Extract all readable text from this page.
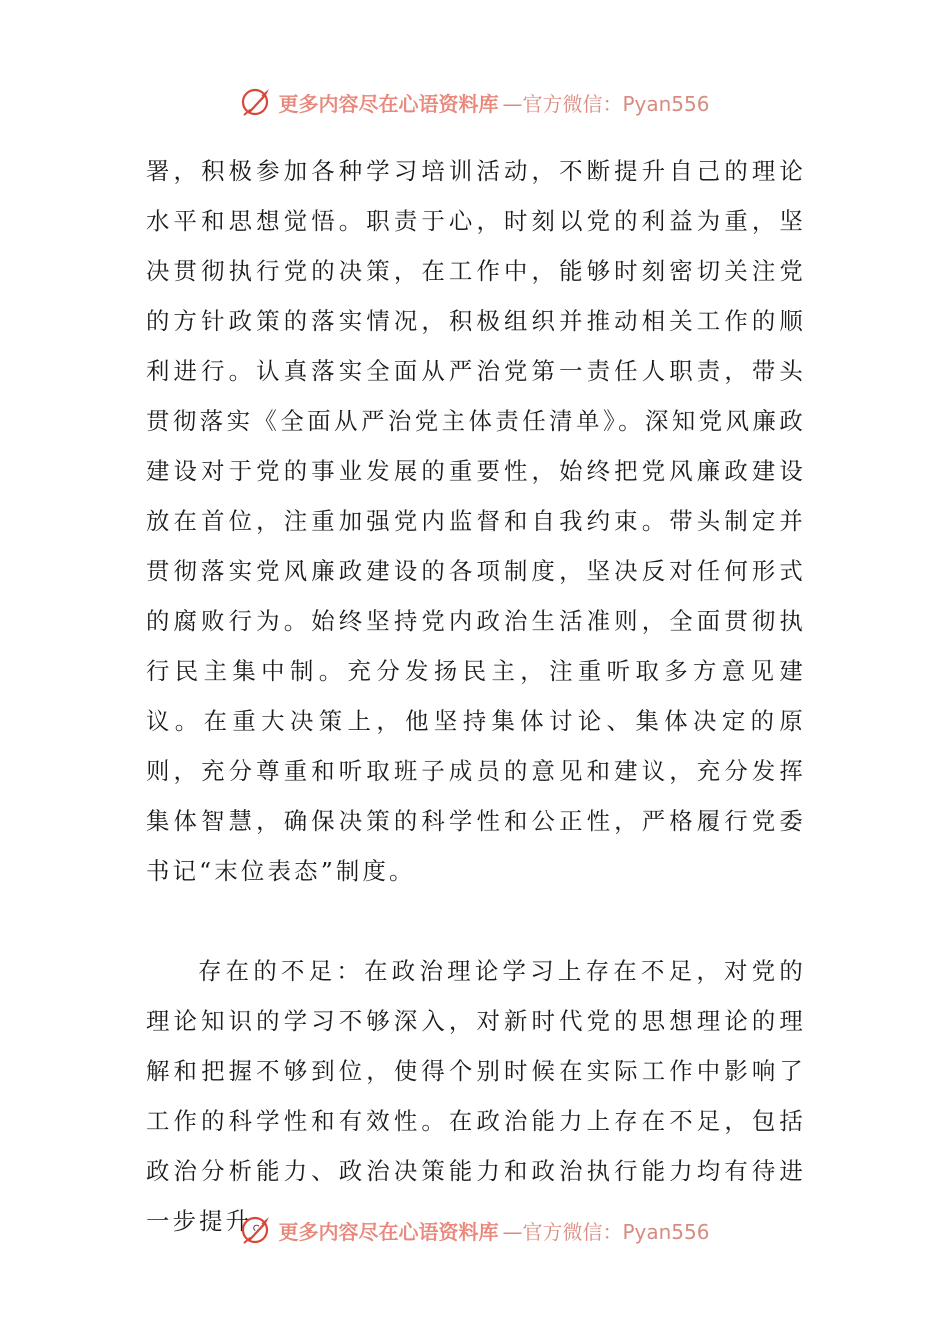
更多内容尽在心语资料库 —官方微信：Pyan556

署，积极参加各种学习培训活动，不断提升自己的理论水平和思想觉悟。职责于心，时刻以党的利益为重，坚决贯彻执行党的决策，在工作中，能够时刻密切关注党的方针政策的落实情况，积极组织并推动相关工作的顺利进行。认真落实全面从严治党第一责任人职责，带头贯彻落实《全面从严治党主体责任清单》。深知党风廉政建设对于党的事业发展的重要性，始终把党风廉政建设放在首位，注重加强党内监督和自我约束。带头制定并贯彻落实党风廉政建设的各项制度，坚决反对任何形式的腐败行为。始终坚持党内政治生活准则，全面贯彻执行民主集中制。充分发扬民主，注重听取多方意见建议。在重大决策上，他坚持集体讨论、集体决定的原则，充分尊重和听取班子成员的意见和建议，充分发挥集体智慧，确保决策的科学性和公正性，严格履行党委书记“末位表态”制度。

存在的不足：在政治理论学习上存在不足，对党的理论知识的学习不够深入，对新时代党的思想理论的理解和把握不够到位，使得个别时候在实际工作中影响了工作的科学性和有效性。在政治能力上存在不足，包括政治分析能力、政治决策能力和政治执行能力均有待进一步提升。 更多内容尽在心语资料库 —官方微信：Pyan556
